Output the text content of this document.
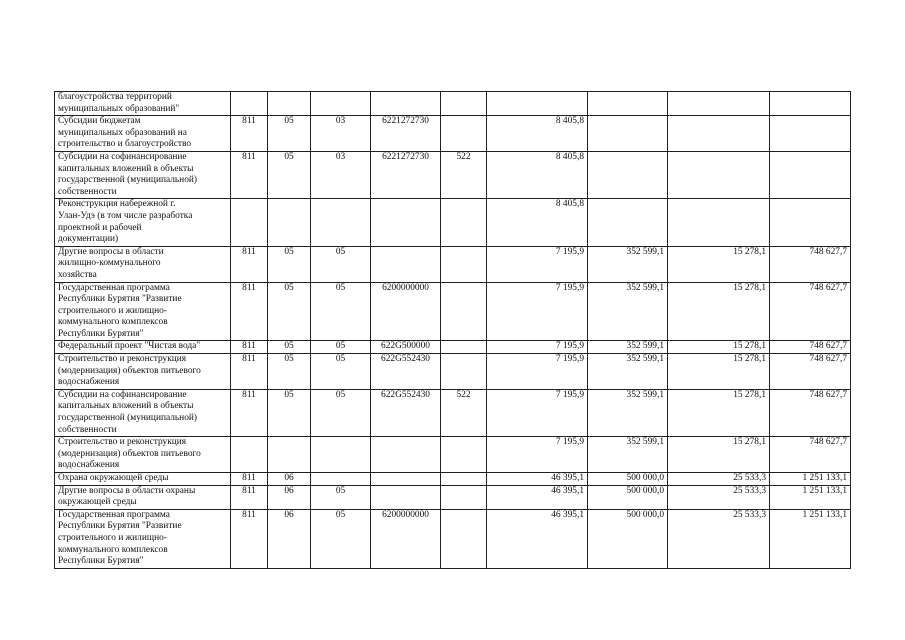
благоустройства территорий
муниципальных образований"									
Субсидии бюджетам
муниципальных образований на
строительство и благоустройство	811	05	03	6221272730		8 405,8			
Субсидии на софинансирование
капитальных вложений в объекты
государственной (муниципальной)
собственности	811	05	03	6221272730	522	8 405,8			
Реконструкция набережной г.
Улан-Удэ (в том числе разработка
проектной и рабочей
документации)						8 405,8			
Другие вопросы в области
жилищно-коммунального
хозяйства	811	05	05			7 195,9	352 599,1	15 278,1	748 627,7
Государственная программа
Республики Бурятия "Развитие
строительного и жилищно-
коммунального комплексов
Республики Бурятия"	811	05	05	6200000000		7 195,9	352 599,1	15 278,1	748 627,7
Федеральный проект "Чистая вода"	811	05	05	622G500000		7 195,9	352 599,1	15 278,1	748 627,7
Строительство и реконструкция
(модернизация) объектов питьевого
водоснабжения	811	05	05	622G552430		7 195,9	352 599,1	15 278,1	748 627,7
Субсидии на софинансирование
капитальных вложений в объекты
государственной (муниципальной)
собственности	811	05	05	622G552430	522	7 195,9	352 599,1	15 278,1	748 627,7
Строительство и реконструкция
(модернизация) объектов питьевого
водоснабжения						7 195,9	352 599,1	15 278,1	748 627,7
Охрана окружающей среды	811	06				46 395,1	500 000,0	25 533,3	1 251 133,1
Другие вопросы в области охраны
окружающей среды	811	06	05			46 395,1	500 000,0	25 533,3	1 251 133,1
Государственная программа
Республики Бурятия "Развитие
строительного и жилищно-
коммунального комплексов
Республики Бурятия"	811	06	05	6200000000		46 395,1	500 000,0	25 533,3	1 251 133,1
